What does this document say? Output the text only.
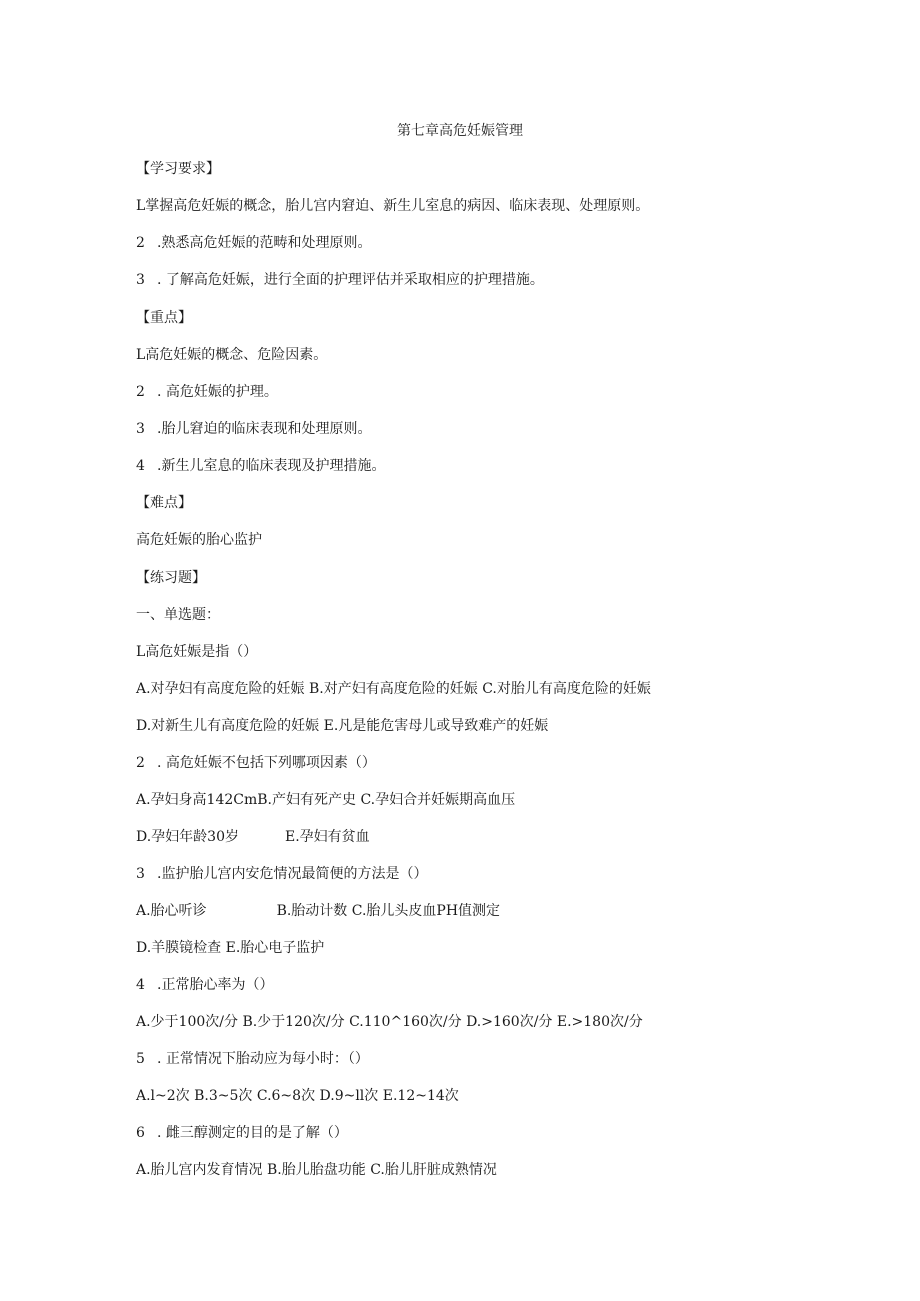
第七章高危妊娠管理
【学习要求】
L掌握高危妊娠的概念，胎儿宫内窘迫、新生儿室息的病因、临床表现、处理原则。
2 .熟悉高危妊娠的范畴和处理原则。
3 . 了解高危妊娠，进行全面的护理评估并采取相应的护理措施。
【重点】
L高危妊娠的概念、危险因素。
2 . 高危妊娠的护理。
3 .胎儿窘迫的临床表现和处理原则。
4 .新生儿室息的临床表现及护理措施。
【难点】
高危妊娠的胎心监护
【练习题】
一、单选题：
L高危妊娠是指（）
A.对孕妇有高度危险的妊娠 B.对产妇有高度危险的妊娠 C.对胎儿有高度危险的妊娠
D.对新生儿有高度危险的妊娠 E.凡是能危害母儿或导致难产的妊娠
2 . 高危妊娠不包括下列哪项因素（）
A.孕妇身高142CmB.产妇有死产史 C.孕妇合并妊娠期高血压
D.孕妇年龄30岁	E.孕妇有贫血
3 .监护胎儿宫内安危情况最简便的方法是（）
A.胎心听诊	B.胎动计数 C.胎儿头皮血PH值测定
D.羊膜镜检查 E.胎心电子监护
4 .正常胎心率为（）
A.少于100次/分 B.少于120次/分 C.110^160次/分 D.>160次/分 E.>180次/分
5 . 正常情况下胎动应为每小时：（）
A.l~2次 B.3~5次 C.6~8次 D.9~ll次 E.12~14次
6 . 雌三醇测定的目的是了解（）
A.胎儿宫内发育情况 B.胎儿胎盘功能 C.胎儿肝脏成熟情况
